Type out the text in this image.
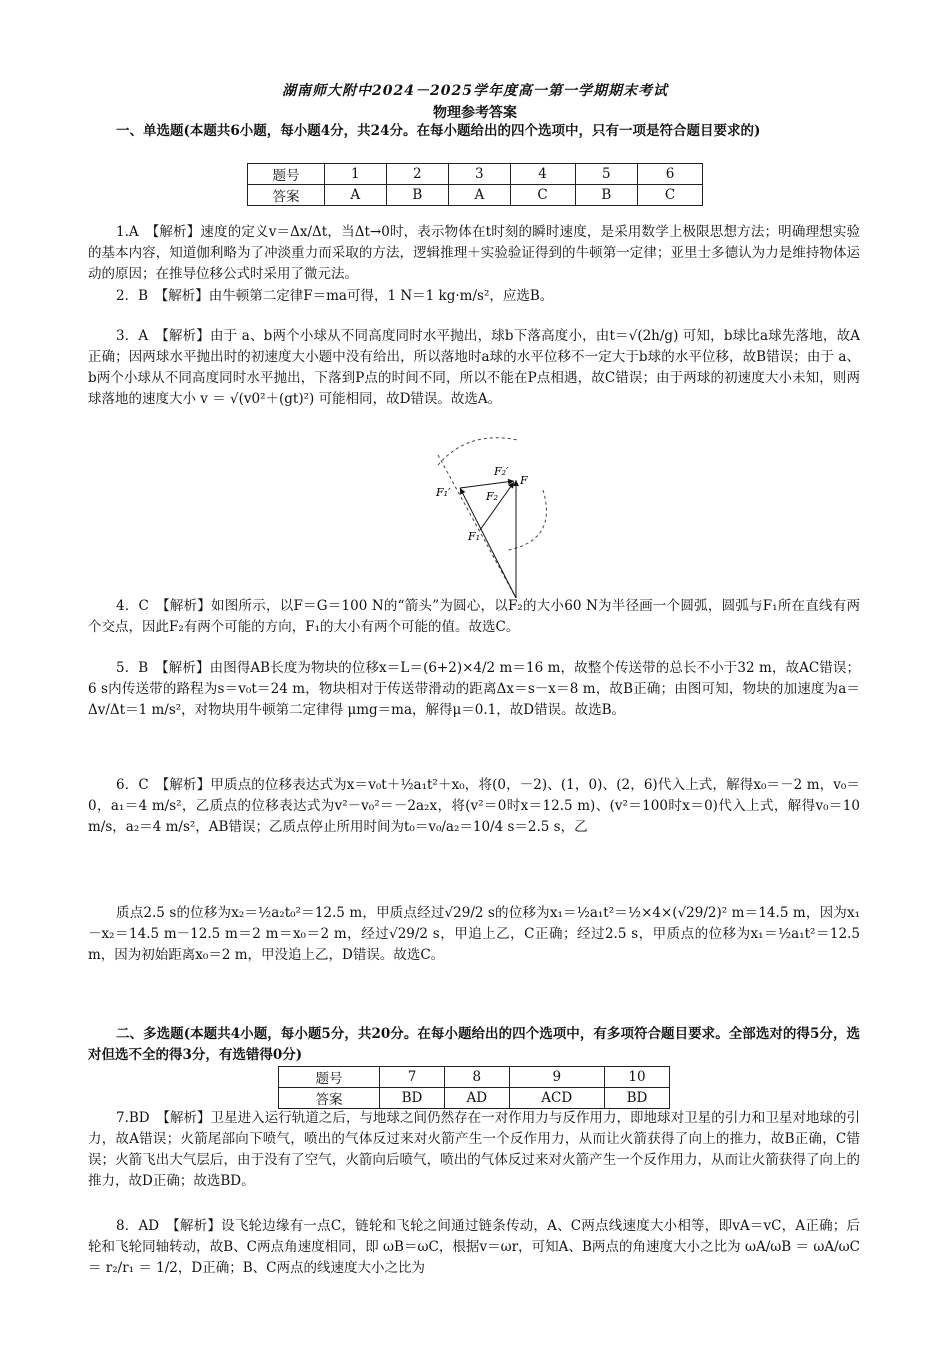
湖南师大附中2024－2025学年度高一第一学期期末考试
物理参考答案
一、单选题(本题共6小题，每小题4分，共24分。在每小题给出的四个选项中，只有一项是符合题目要求的)
题号	1	2	3	4	5	6
答案	A	B	A	C	B	C
1.A　【解析】速度的定义v＝Δx/Δt，当Δt→0时，表示物体在t时刻的瞬时速度，是采用数学上极限思想方法；明确理想实验的基本内容，知道伽利略为了冲淡重力而采取的方法，逻辑推理＋实验验证得到的牛顿第一定律；亚里士多德认为力是维持物体运动的原因；在推导位移公式时采用了微元法。
2．B　【解析】由牛顿第二定律F＝ma可得，1 N＝1 kg·m/s²，应选B。
3．A　【解析】由于 a、b两个小球从不同高度同时水平抛出，球b下落高度小，由t＝√(2h/g) 可知，b球比a球先落地，故A正确；因两球水平抛出时的初速度大小题中没有给出，所以落地时a球的水平位移不一定大于b球的水平位移，故B错误；由于 a、b两个小球从不同高度同时水平抛出，下落到P点的时间不同，所以不能在P点相遇，故C错误；由于两球的初速度大小未知，则两球落地的速度大小 v ＝ √(v0²＋(gt)²) 可能相同，故D错误。故选A。
F₁′
F₂′
F
F₂
F₁
4．C　【解析】如图所示，以F＝G＝100 N的“箭头”为圆心，以F₂的大小60 N为半径画一个圆弧，圆弧与F₁所在直线有两个交点，因此F₂有两个可能的方向，F₁的大小有两个可能的值。故选C。
5．B　【解析】由图得AB长度为物块的位移x＝L＝(6+2)×4/2 m＝16 m，故整个传送带的总长不小于32 m，故AC错误；6 s内传送带的路程为s＝v₀t＝24 m，物块相对于传送带滑动的距离Δx＝s－x＝8 m，故B正确；由图可知，物块的加速度为a＝Δv/Δt＝1 m/s²，对物块用牛顿第二定律得 μmg＝ma，解得μ＝0.1，故D错误。故选B。
6．C　【解析】甲质点的位移表达式为x＝v₀t＋½a₁t²＋x₀，将(0，－2)、(1，0)、(2，6)代入上式，解得x₀＝－2 m，v₀＝0，a₁＝4 m/s²，乙质点的位移表达式为v²－v₀²＝－2a₂x，将(v²＝0时x＝12.5 m)、(v²＝100时x＝0)代入上式，解得v₀＝10 m/s，a₂＝4 m/s²，AB错误；乙质点停止所用时间为t₀＝v₀/a₂＝10/4 s＝2.5 s，乙
质点2.5 s的位移为x₂＝½a₂t₀²＝12.5 m，甲质点经过√29/2 s的位移为x₁＝½a₁t²＝½×4×(√29/2)² m＝14.5 m，因为x₁－x₂＝14.5 m－12.5 m＝2 m＝x₀＝2 m，经过√29/2 s，甲追上乙，C正确；经过2.5 s，甲质点的位移为x₁＝½a₁t²＝12.5 m，因为初始距离x₀＝2 m，甲没追上乙，D错误。故选C。
二、多选题(本题共4小题，每小题5分，共20分。在每小题给出的四个选项中，有多项符合题目要求。全部选对的得5分，选对但选不全的得3分，有选错得0分)
题号	7	8	9	10
答案	BD	AD	ACD	BD
7.BD　【解析】卫星进入运行轨道之后，与地球之间仍然存在一对作用力与反作用力，即地球对卫星的引力和卫星对地球的引力，故A错误；火箭尾部向下喷气，喷出的气体反过来对火箭产生一个反作用力，从而让火箭获得了向上的推力，故B正确，C错误；火箭飞出大气层后，由于没有了空气，火箭向后喷气，喷出的气体反过来对火箭产生一个反作用力，从而让火箭获得了向上的推力，故D正确；故选BD。
8．AD　【解析】设飞轮边缘有一点C，链轮和飞轮之间通过链条传动，A、C两点线速度大小相等，即vA＝vC，A正确；后轮和飞轮同轴转动，故B、C两点角速度相同，即 ωB＝ωC，根据v＝ωr，可知A、B两点的角速度大小之比为 ωA/ωB ＝ ωA/ωC ＝ r₂/r₁ ＝ 1/2，D正确；B、C两点的线速度大小之比为
